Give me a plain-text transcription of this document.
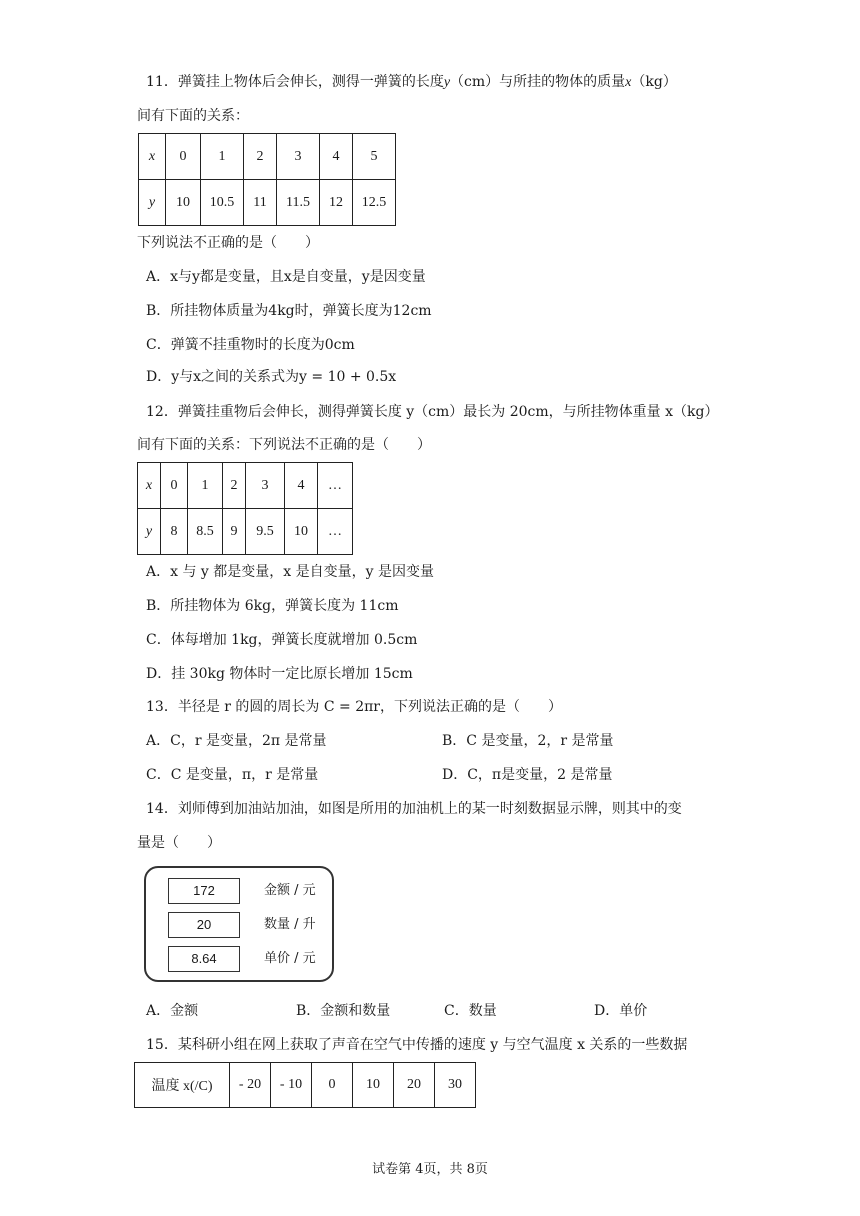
11．弹簧挂上物体后会伸长，测得一弹簧的长度y（cm）与所挂的物体的质量x（kg）
间有下面的关系：
x	0	1	2	3	4	5
y	10	10.5	11	11.5	12	12.5
下列说法不正确的是（　　）
A．x与y都是变量，且x是自变量，y是因变量
B．所挂物体质量为4kg时，弹簧长度为12cm
C．弹簧不挂重物时的长度为0cm
D．y与x之间的关系式为y = 10 + 0.5x
12．弹簧挂重物后会伸长，测得弹簧长度 y（cm）最长为 20cm，与所挂物体重量 x（kg）
间有下面的关系：下列说法不正确的是（　　）
x	0	1	2	3	4	…
y	8	8.5	9	9.5	10	…
A．x 与 y 都是变量，x 是自变量，y 是因变量
B．所挂物体为 6kg，弹簧长度为 11cm
C．体每增加 1kg，弹簧长度就增加 0.5cm
D．挂 30kg 物体时一定比原长增加 15cm
13．半径是 r 的圆的周长为 C = 2πr，下列说法正确的是（　　）
A．C，r 是变量，2π 是常量	B．C 是变量，2，r 是常量
C．C 是变量，π，r 是常量	D．C，π是变量，2 是常量
14．刘师傅到加油站加油，如图是所用的加油机上的某一时刻数据显示牌，则其中的变
量是（　　）
172	金额 / 元
20	数量 / 升
8.64	单价 / 元
A．金额	B．金额和数量	C．数量	D．单价
15．某科研小组在网上获取了声音在空气中传播的速度 y 与空气温度 x 关系的一些数据
温度 x(/C)	- 20	- 10	0	10	20	30
试卷第 4页，共 8页
